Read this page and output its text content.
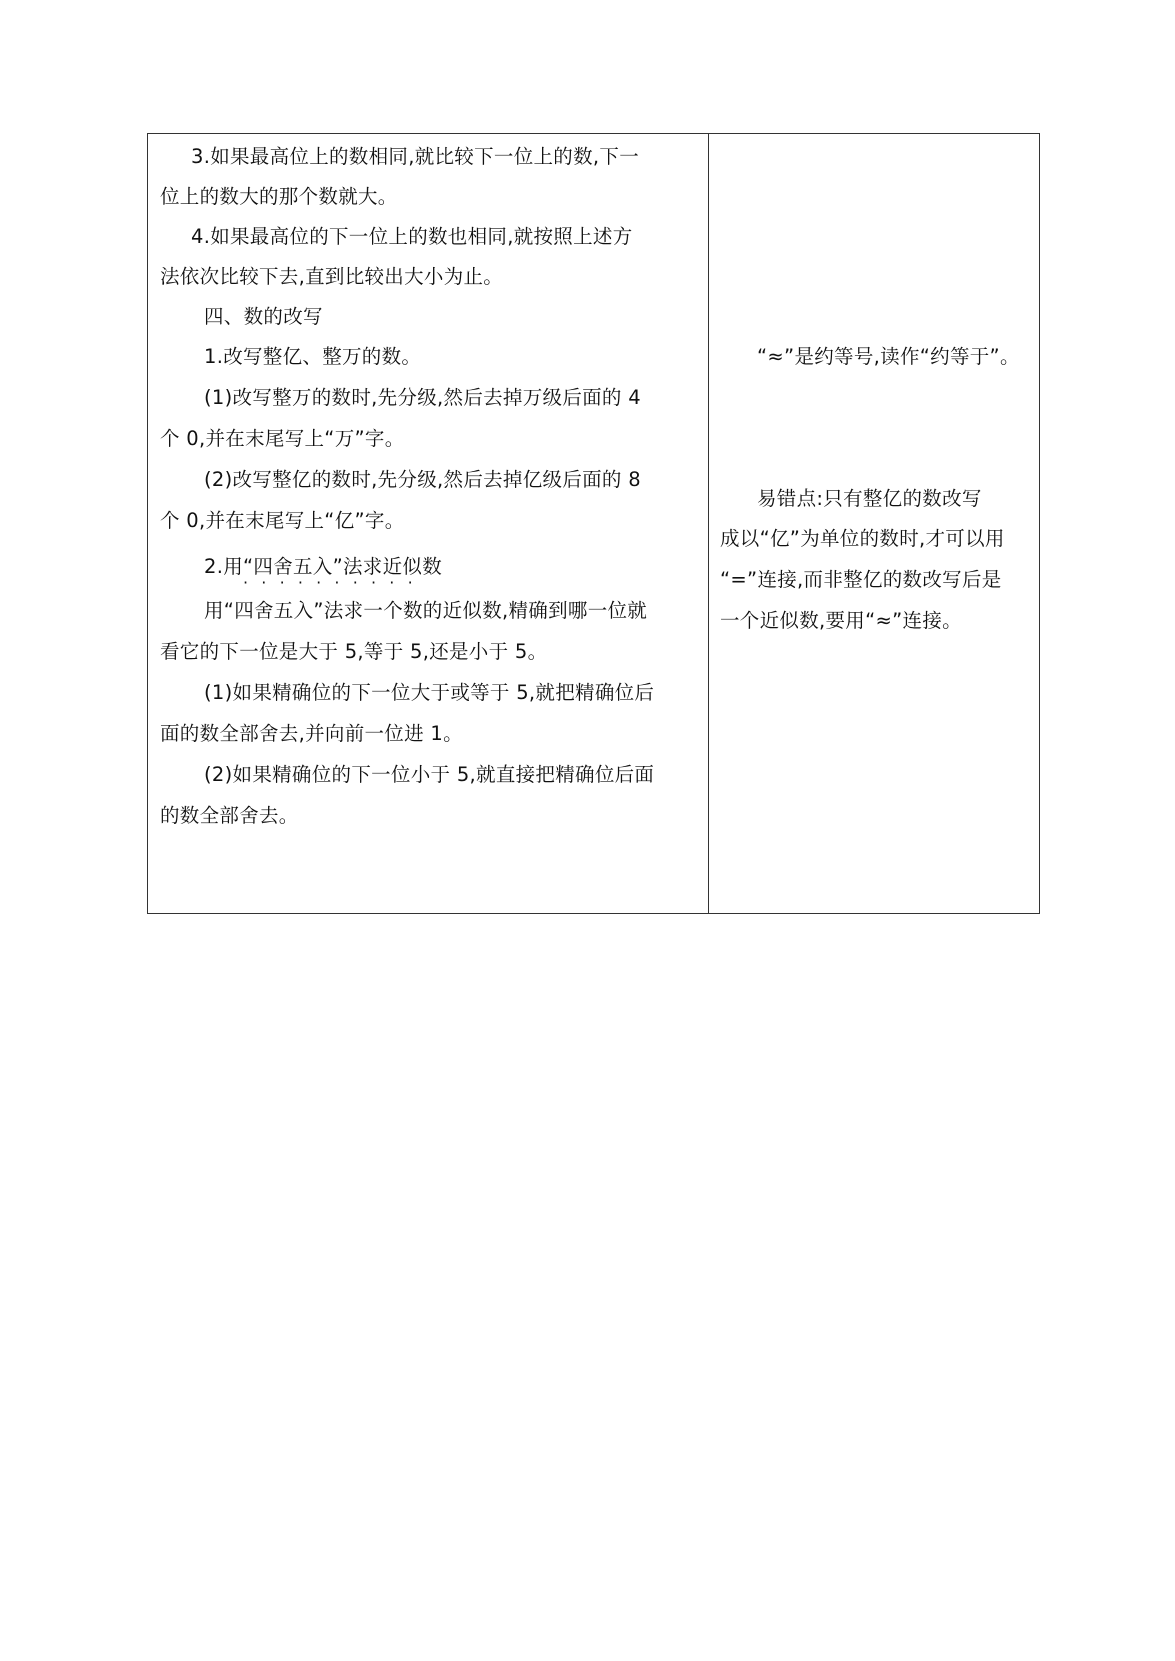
3.如果最高位上的数相同,就比较下一位上的数,下一
位上的数大的那个数就大。
4.如果最高位的下一位上的数也相同,就按照上述方
法依次比较下去,直到比较出大小为止。
四、数的改写
1.改写整亿、整万的数。
(1)改写整万的数时,先分级,然后去掉万级后面的 4
个 0,并在末尾写上“万”字。
(2)改写整亿的数时,先分级,然后去掉亿级后面的 8
个 0,并在末尾写上“亿”字。
2.用“四舍五入”法求近似数
··········
用“四舍五入”法求一个数的近似数,精确到哪一位就
看它的下一位是大于 5,等于 5,还是小于 5。
(1)如果精确位的下一位大于或等于 5,就把精确位后
面的数全部舍去,并向前一位进 1。
(2)如果精确位的下一位小于 5,就直接把精确位后面
的数全部舍去。
“≈”是约等号,读作“约等于”。
易错点:只有整亿的数改写
成以“亿”为单位的数时,才可以用
“=”连接,而非整亿的数改写后是
一个近似数,要用“≈”连接。
